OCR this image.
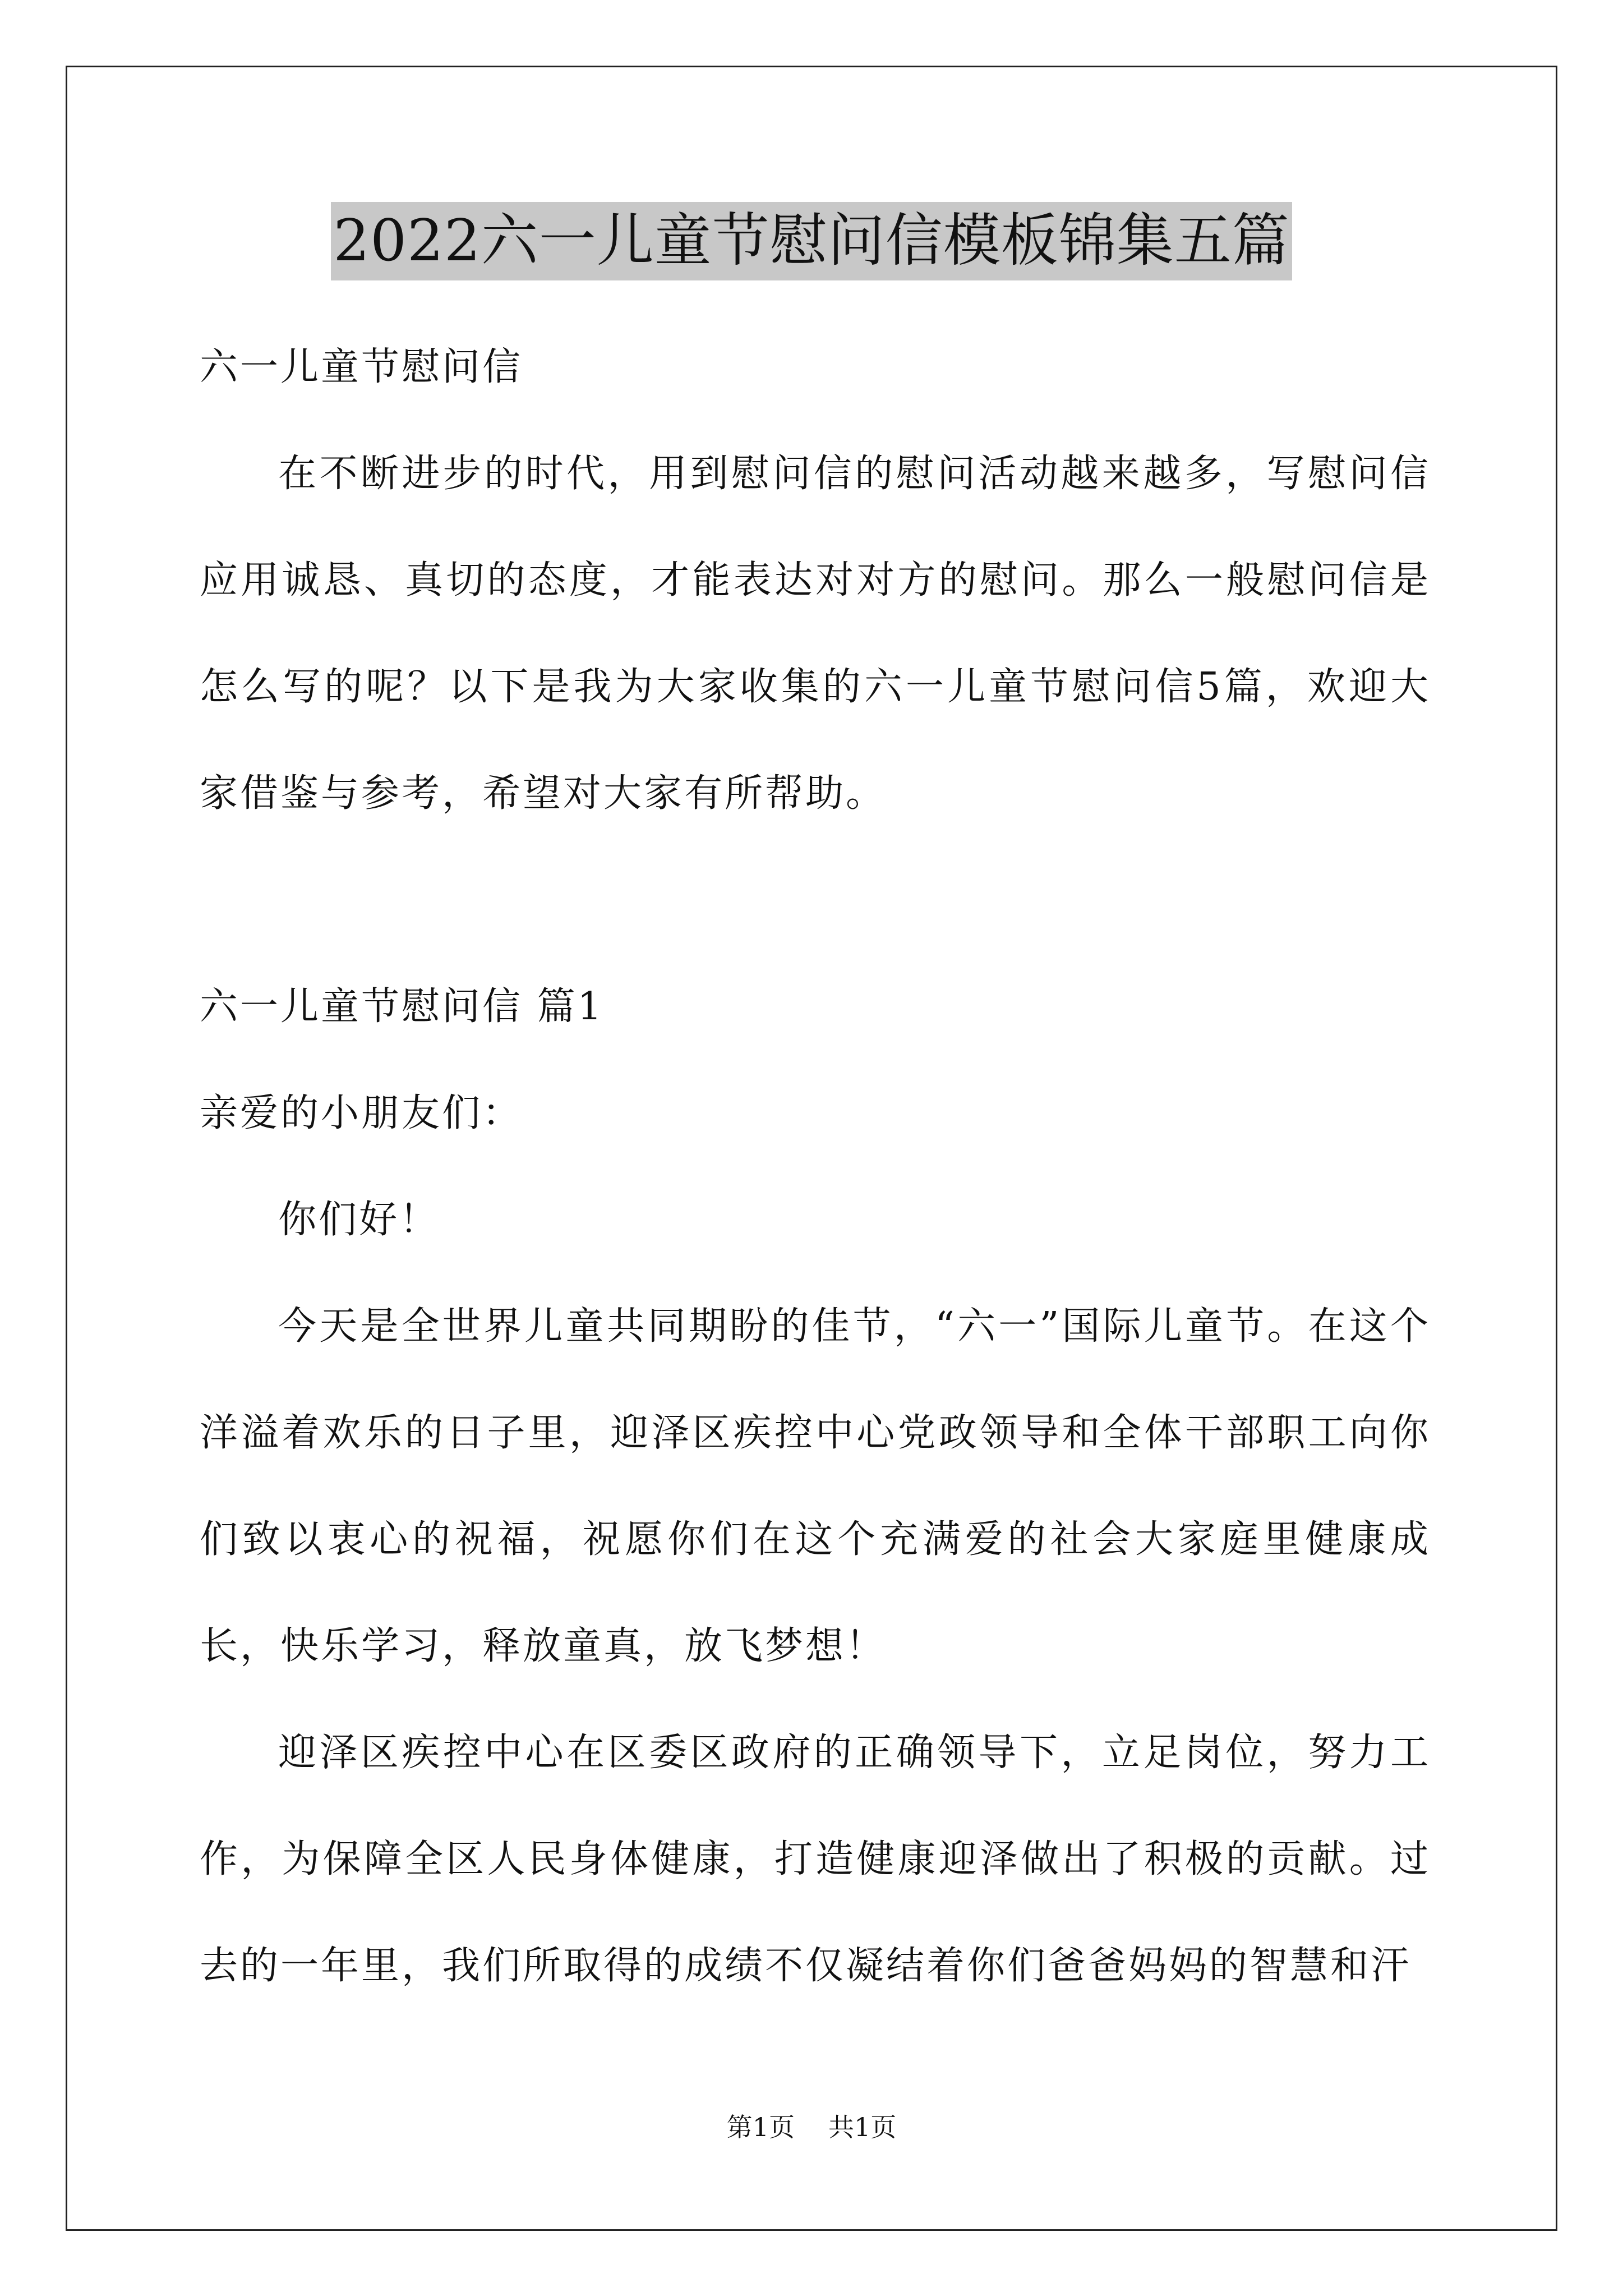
2022六一儿童节慰问信模板锦集五篇

六一儿童节慰问信

在不断进步的时代，用到慰问信的慰问活动越来越多，写慰问信应用诚恳、真切的态度，才能表达对对方的慰问。那么一般慰问信是怎么写的呢？以下是我为大家收集的六一儿童节慰问信5篇，欢迎大家借鉴与参考，希望对大家有所帮助。

六一儿童节慰问信 篇1

亲爱的小朋友们：

你们好！

今天是全世界儿童共同期盼的佳节，“六一”国际儿童节。在这个洋溢着欢乐的日子里，迎泽区疾控中心党政领导和全体干部职工向你们致以衷心的祝福，祝愿你们在这个充满爱的社会大家庭里健康成长，快乐学习，释放童真，放飞梦想！

迎泽区疾控中心在区委区政府的正确领导下，立足岗位，努力工作，为保障全区人民身体健康，打造健康迎泽做出了积极的贡献。过去的一年里，我们所取得的成绩不仅凝结着你们爸爸妈妈的智慧和汗

第1页 共1页
